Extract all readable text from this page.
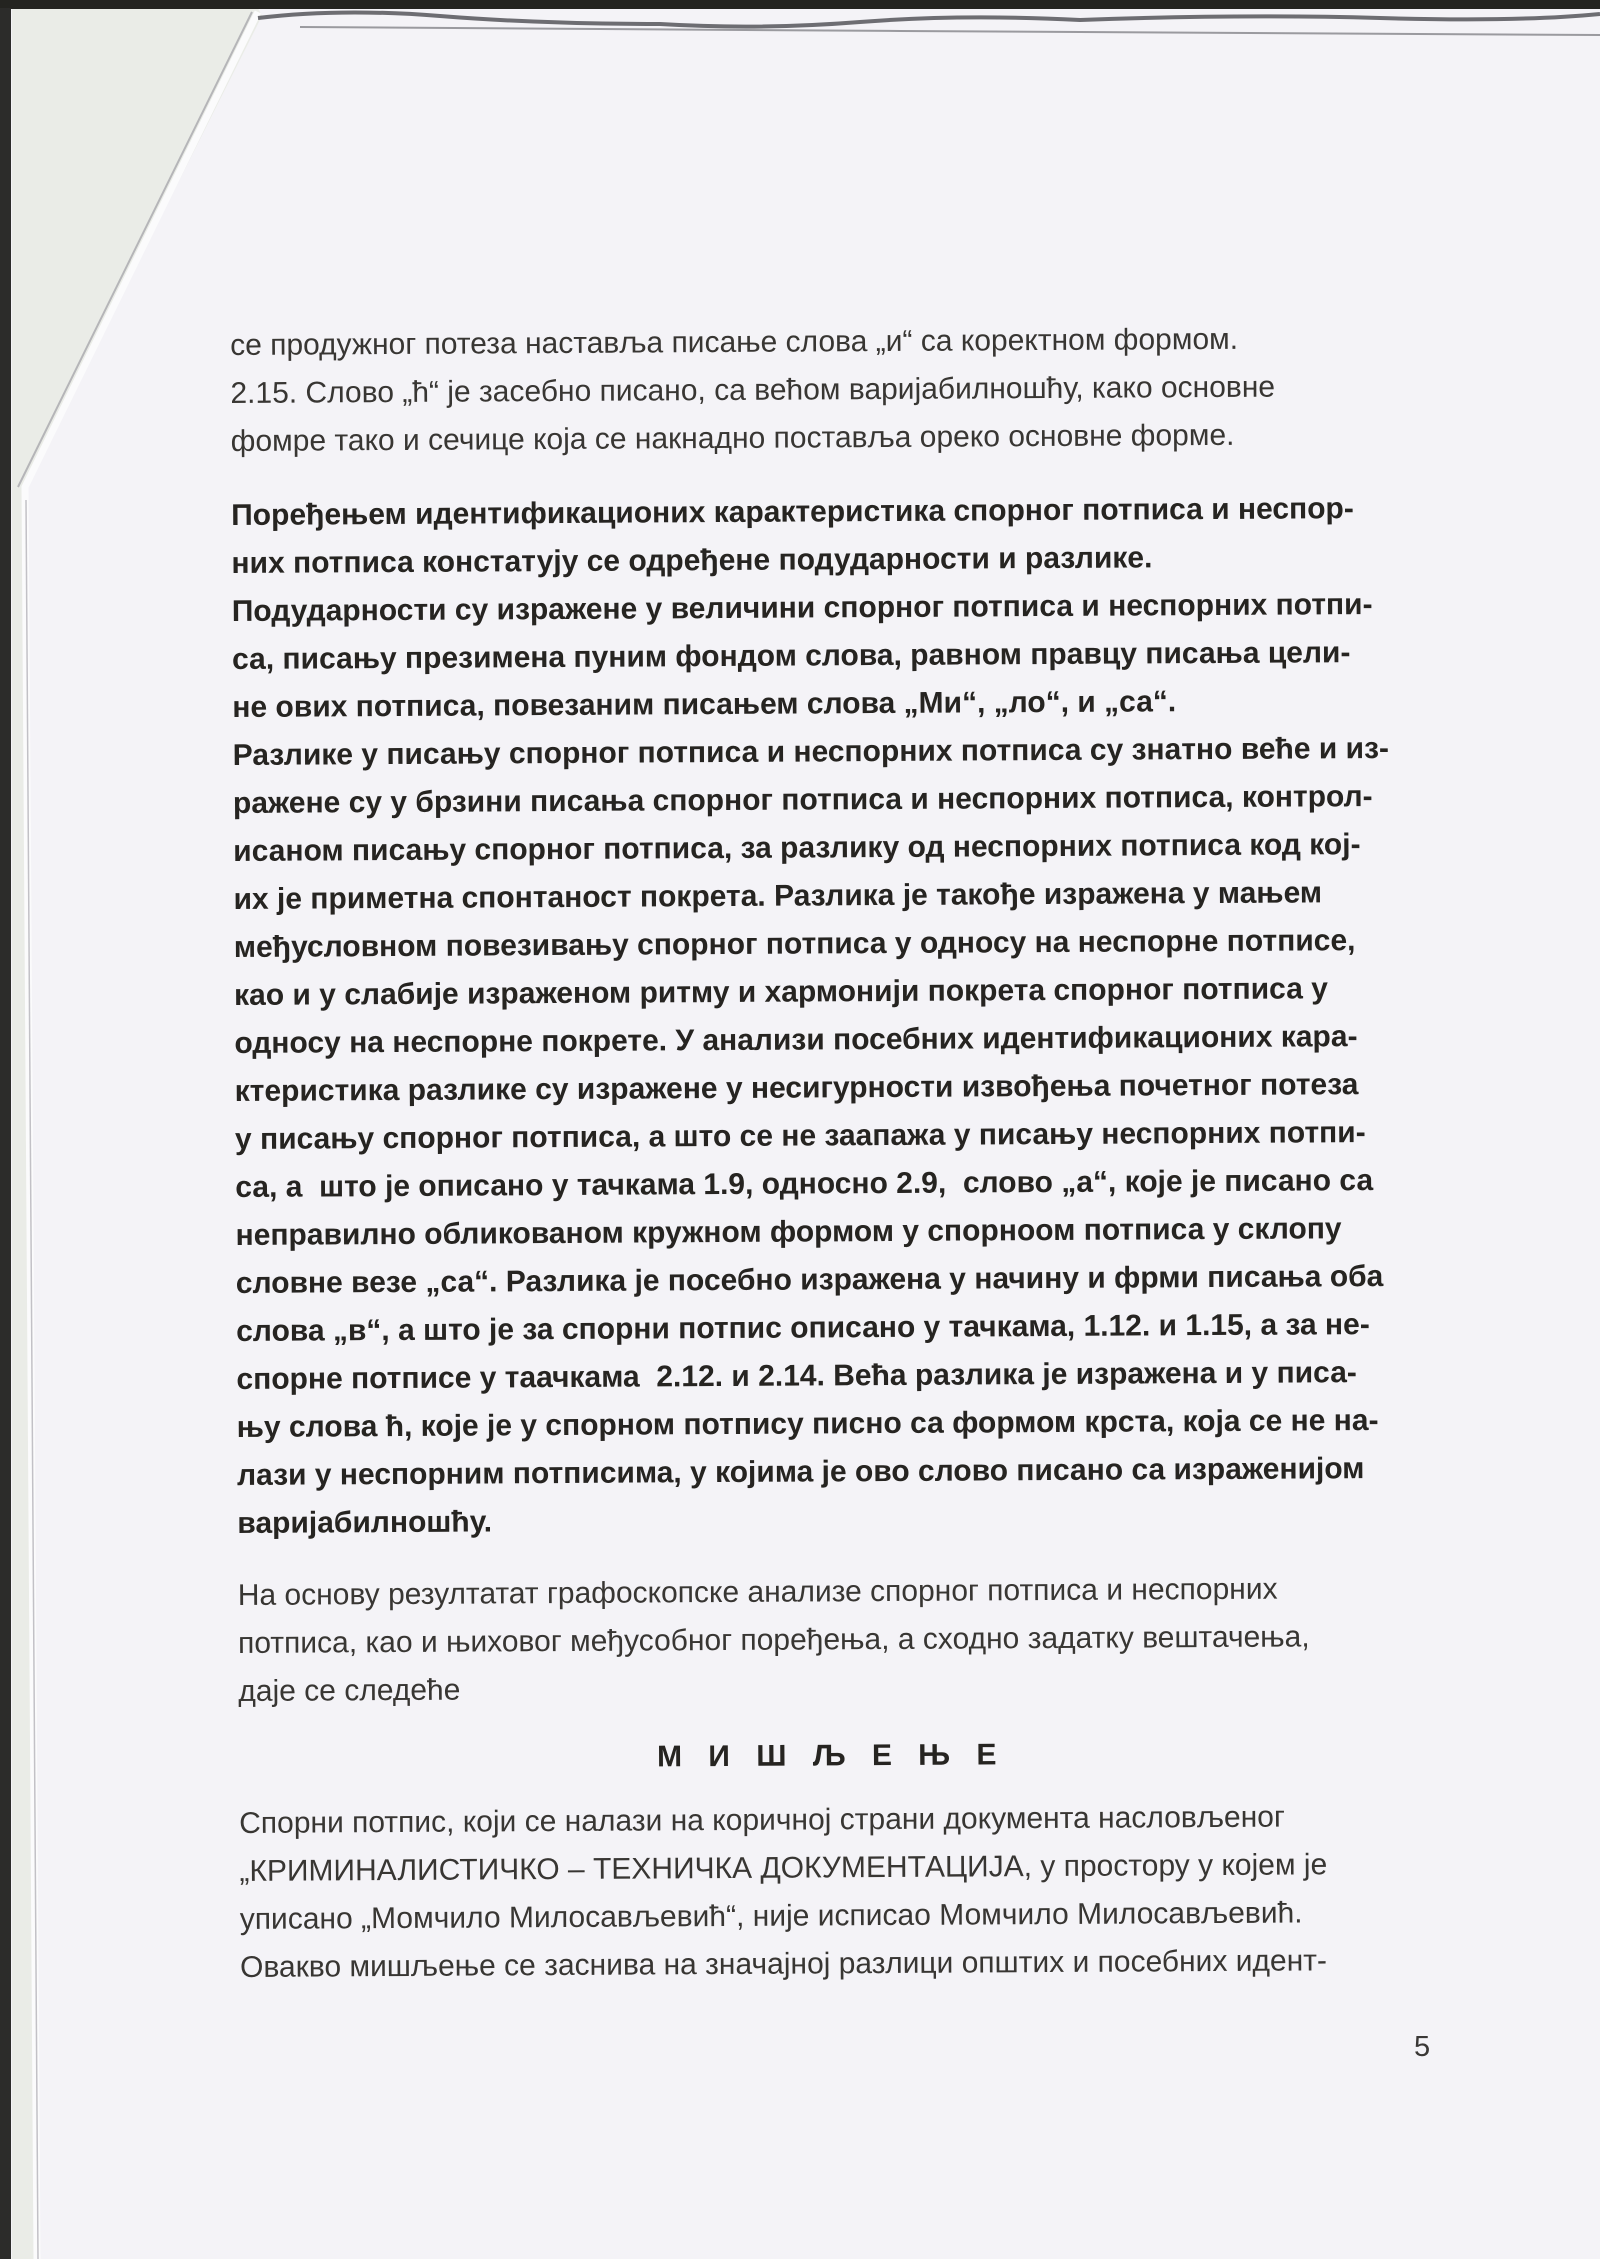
се продужног потеза наставља писање слова „и“ са коректном формом.
2.15. Слово „ћ“ је засебно писано, са већом варијабилношћу, како основне
фомре тако и сечице која се накнадно поставља ореко основне форме.
Поређењем идентификационих карактеристика спорног потписа и неспор-
них потписа констатују се одређене подударности и разлике.
Подударности су изражене у величини спорног потписа и неспорних потпи-
са, писању презимена пуним фондом слова, равном правцу писања цели-
не ових потписа, повезаним писањем слова „Ми“, „ло“, и „са“.
Разлике у писању спорног потписа и неспорних потписа су знатно веће и из-
ражене су у брзини писања спорног потписа и неспорних потписа, контрол-
исаном писању спорног потписа, за разлику од неспорних потписа код кој-
их је приметна спонтаност покрета. Разлика је такође изражена у мањем
међусловном повезивању спорног потписа у односу на неспорне потписе,
као и у слабије израженом ритму и хармонији покрета спорног потписа у
односу на неспорне покрете. У анализи посебних идентификационих кара-
ктеристика разлике су изражене у несигурности извођења почетног потеза
у писању спорног потписа, а што се не заапажа у писању неспорних потпи-
са, а  што је описано у тачкама 1.9, односно 2.9,  слово „а“, које је писано са
неправилно обликованом кружном формом у спорноом потписа у склопу
словне везе „са“. Разлика је посебно изражена у начину и фрми писања оба
слова „в“, а што је за спорни потпис описано у тачкама, 1.12. и 1.15, а за не-
спорне потписе у таачкама  2.12. и 2.14. Већа разлика је изражена и у писа-
њу слова ћ, које је у спорном потпису писно са формом крста, која се не на-
лази у неспорним потписима, у којима је ово слово писано са израженијом
варијабилношћу.
На основу резултатат графоскопске анализе спорног потписа и неспорних
потписа, као и њиховог међусобног поређења, а сходно задатку вештачења,
даје се следеће
М И Ш Љ Е Њ Е
Спорни потпис, који се налази на коричној страни документа насловљеног
„КРИМИНАЛИСТИЧКО – ТЕХНИЧКА ДОКУМЕНТАЦИЈА, у простору у којем је
уписано „Момчило Милосављевић“, није исписао Момчило Милосављевић.
Овакво мишљење се заснива на значајној разлици општих и посебних идент-
5
